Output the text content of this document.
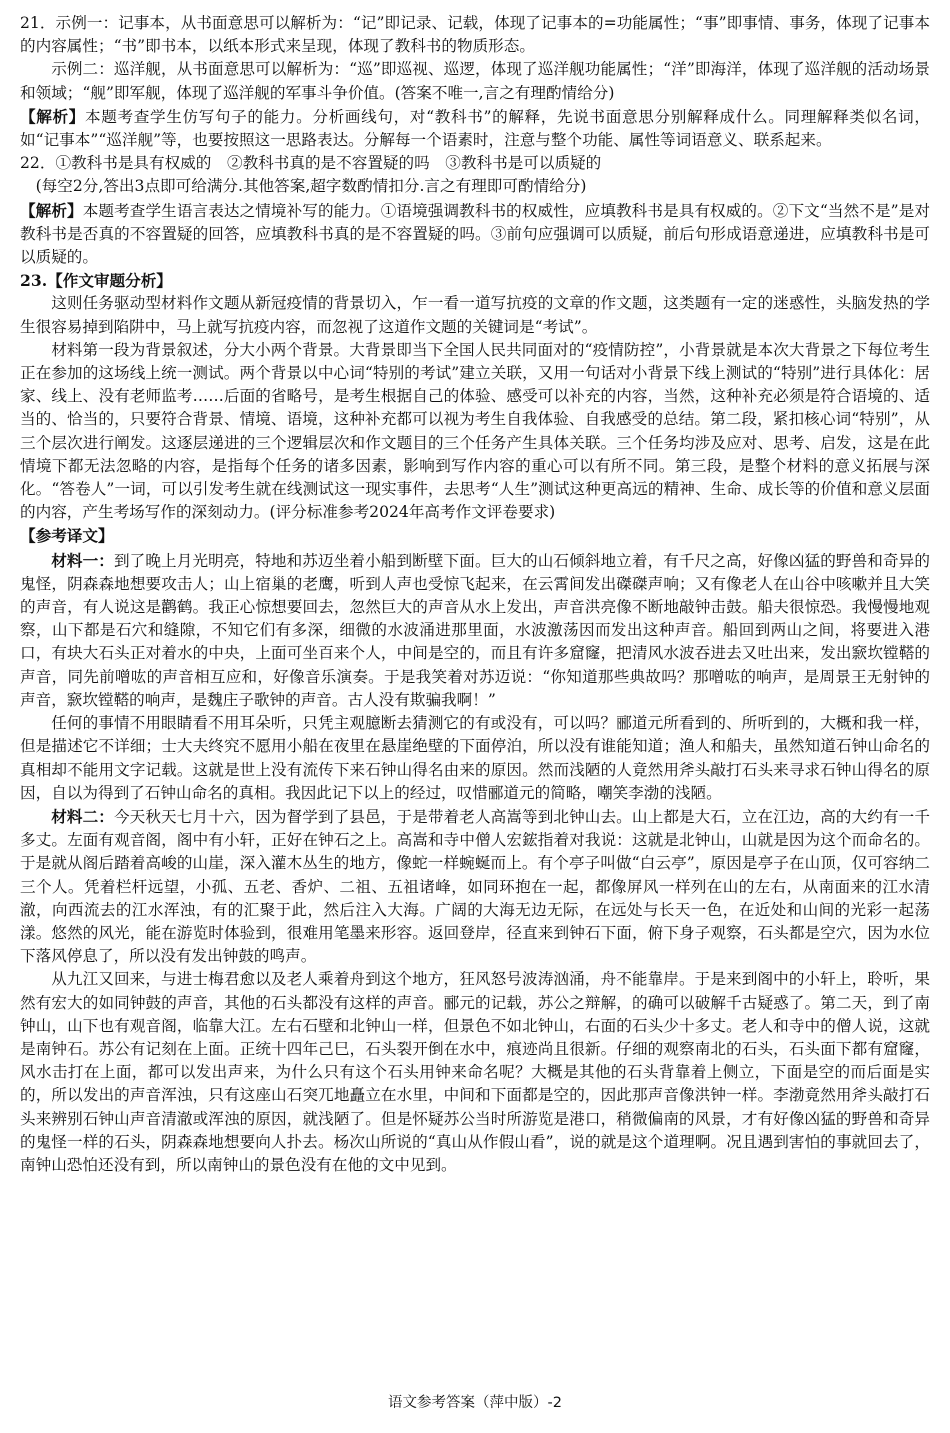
21．示例一：记事本，从书面意思可以解析为：“记”即记录、记载，体现了记事本的=功能属性；“事”即事情、事务，体现了记事本的内容属性；“书”即书本，以纸本形式来呈现，体现了教科书的物质形态。

示例二：巡洋舰，从书面意思可以解析为：“巡”即巡视、巡逻，体现了巡洋舰功能属性；“洋”即海洋，体现了巡洋舰的活动场景和领域；“舰”即军舰，体现了巡洋舰的军事斗争价值。(答案不唯一,言之有理酌情给分)

【解析】本题考查学生仿写句子的能力。分析画线句，对“教科书”的解释，先说书面意思分别解释成什么。同理解释类似名词，如“记事本”“巡洋舰”等，也要按照这一思路表达。分解每一个语素时，注意与整个功能、属性等词语意义、联系起来。

22．①教科书是具有权威的　②教科书真的是不容置疑的吗　③教科书是可以质疑的

(每空2分,答出3点即可给满分.其他答案,超字数酌情扣分.言之有理即可酌情给分)

【解析】本题考查学生语言表达之情境补写的能力。①语境强调教科书的权威性，应填教科书是具有权威的。②下文“当然不是”是对教科书是否真的不容置疑的回答，应填教科书真的是不容置疑的吗。③前句应强调可以质疑，前后句形成语意递进，应填教科书是可以质疑的。

23.【作文审题分析】

这则任务驱动型材料作文题从新冠疫情的背景切入，乍一看一道写抗疫的文章的作文题，这类题有一定的迷惑性，头脑发热的学生很容易掉到陷阱中，马上就写抗疫内容，而忽视了这道作文题的关键词是“考试”。

材料第一段为背景叙述，分大小两个背景。大背景即当下全国人民共同面对的“疫情防控”，小背景就是本次大背景之下每位考生正在参加的这场线上统一测试。两个背景以中心词“特别的考试”建立关联，又用一句话对小背景下线上测试的“特别”进行具体化：居家、线上、没有老师监考……后面的省略号，是考生根据自己的体验、感受可以补充的内容，当然，这种补充必须是符合语境的、适当的、恰当的，只要符合背景、情境、语境，这种补充都可以视为考生自我体验、自我感受的总结。第二段，紧扣核心词“特别”，从三个层次进行阐发。这逐层递进的三个逻辑层次和作文题目的三个任务产生具体关联。三个任务均涉及应对、思考、启发，这是在此情境下都无法忽略的内容，是指每个任务的诸多因素，影响到写作内容的重心可以有所不同。第三段，是整个材料的意义拓展与深化。“答卷人”一词，可以引发考生就在线测试这一现实事件，去思考“人生”测试这种更高远的精神、生命、成长等的价值和意义层面的内容，产生考场写作的深刻动力。(评分标准参考2024年高考作文评卷要求)

【参考译文】

材料一：到了晚上月光明亮，特地和苏迈坐着小船到断壁下面。巨大的山石倾斜地立着，有千尺之高，好像凶猛的野兽和奇异的鬼怪，阴森森地想要攻击人；山上宿巢的老鹰，听到人声也受惊飞起来，在云霄间发出磔磔声响；又有像老人在山谷中咳嗽并且大笑的声音，有人说这是鹳鹤。我正心惊想要回去，忽然巨大的声音从水上发出，声音洪亮像不断地敲钟击鼓。船夫很惊恐。我慢慢地观察，山下都是石穴和缝隙，不知它们有多深，细微的水波涌进那里面，水波激荡因而发出这种声音。船回到两山之间，将要进入港口，有块大石头正对着水的中央，上面可坐百来个人，中间是空的，而且有许多窟窿，把清风水波吞进去又吐出来，发出窾坎镗鞳的声音，同先前噌吰的声音相互应和，好像音乐演奏。于是我笑着对苏迈说：“你知道那些典故吗？那噌吰的响声，是周景王无射钟的声音，窾坎镗鞳的响声，是魏庄子歌钟的声音。古人没有欺骗我啊！”

任何的事情不用眼睛看不用耳朵听，只凭主观臆断去猜测它的有或没有，可以吗？郦道元所看到的、所听到的，大概和我一样，但是描述它不详细；士大夫终究不愿用小船在夜里在悬崖绝壁的下面停泊，所以没有谁能知道；渔人和船夫，虽然知道石钟山命名的真相却不能用文字记载。这就是世上没有流传下来石钟山得名由来的原因。然而浅陋的人竟然用斧头敲打石头来寻求石钟山得名的原因，自以为得到了石钟山命名的真相。我因此记下以上的经过，叹惜郦道元的简略，嘲笑李渤的浅陋。

材料二：今天秋天七月十六，因为督学到了县邑，于是带着老人高嵩等到北钟山去。山上都是大石，立在江边，高的大约有一千多丈。左面有观音阁，阁中有小轩，正好在钟石之上。高嵩和寺中僧人宏鋐指着对我说：这就是北钟山，山就是因为这个而命名的。于是就从阁后踏着高峻的山崖，深入灌木丛生的地方，像蛇一样蜿蜒而上。有个亭子叫做“白云亭”，原因是亭子在山顶，仅可容纳二三个人。凭着栏杆远望，小孤、五老、香炉、二祖、五祖诸峰，如同环抱在一起，都像屏风一样列在山的左右，从南面来的江水清澈，向西流去的江水浑浊，有的汇聚于此，然后注入大海。广阔的大海无边无际，在远处与长天一色，在近处和山间的光彩一起荡漾。悠然的风光，能在游览时体验到，很难用笔墨来形容。返回登岸，径直来到钟石下面，俯下身子观察，石头都是空穴，因为水位下落风停息了，所以没有发出钟鼓的鸣声。

从九江又回来，与进士梅君愈以及老人乘着舟到这个地方，狂风怒号波涛汹涌，舟不能靠岸。于是来到阁中的小轩上，聆听，果然有宏大的如同钟鼓的声音，其他的石头都没有这样的声音。郦元的记载，苏公之辩解，的确可以破解千古疑惑了。第二天，到了南钟山，山下也有观音阁，临靠大江。左右石壁和北钟山一样，但景色不如北钟山，右面的石头少十多丈。老人和寺中的僧人说，这就是南钟石。苏公有记刻在上面。正统十四年己巳，石头裂开倒在水中，痕迹尚且很新。仔细的观察南北的石头，石头面下都有窟窿，风水击打在上面，都可以发出声来，为什么只有这个石头用钟来命名呢？大概是其他的石头背靠着上侧立，下面是空的而后面是实的，所以发出的声音浑浊，只有这座山石突兀地矗立在水里，中间和下面都是空的，因此那声音像洪钟一样。李渤竟然用斧头敲打石头来辨别石钟山声音清澈或浑浊的原因，就浅陋了。但是怀疑苏公当时所游览是港口，稍微偏南的风景，才有好像凶猛的野兽和奇异的鬼怪一样的石头，阴森森地想要向人扑去。杨次山所说的“真山从作假山看”，说的就是这个道理啊。况且遇到害怕的事就回去了，南钟山恐怕还没有到，所以南钟山的景色没有在他的文中见到。

语文参考答案（萍中版）-2
